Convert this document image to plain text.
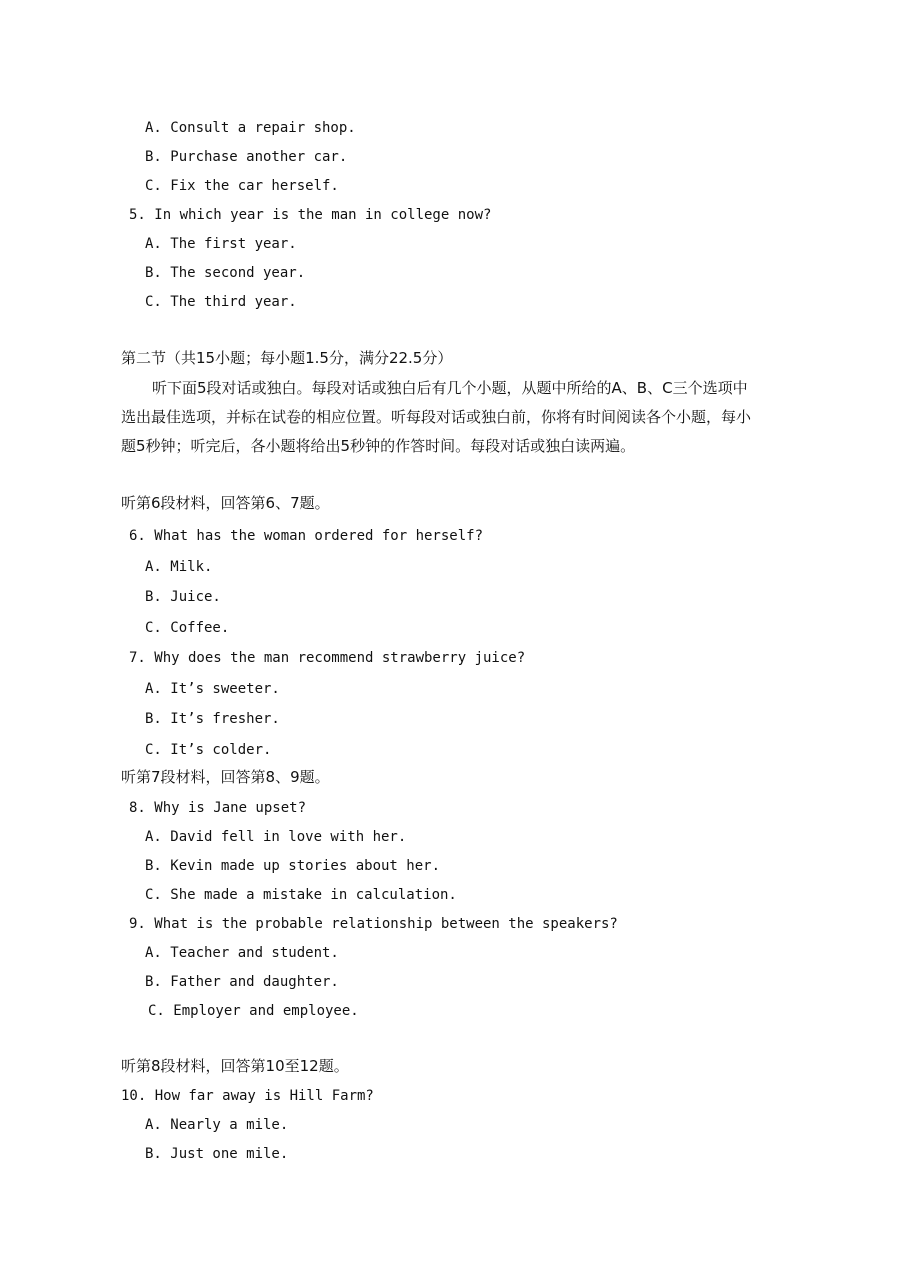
A. Consult a repair shop.
B. Purchase another car.
C. Fix the car herself.
5. In which year is the man in college now?
A. The first year.
B. The second year.
C. The third year.
第二节（共15小题；每小题1.5分，满分22.5分）
听下面5段对话或独白。每段对话或独白后有几个小题，从题中所给的A、B、C三个选项中
选出最佳选项，并标在试卷的相应位置。听每段对话或独白前，你将有时间阅读各个小题，每小
题5秒钟；听完后，各小题将给出5秒钟的作答时间。每段对话或独白读两遍。
听第6段材料，回答第6、7题。
6. What has the woman ordered for herself?
A. Milk.
B. Juice.
C. Coffee.
7. Why does the man recommend strawberry juice?
A. It’s sweeter.
B. It’s fresher.
C. It’s colder.
听第7段材料，回答第8、9题。
8. Why is Jane upset?
A. David fell in love with her.
B. Kevin made up stories about her.
C. She made a mistake in calculation.
9. What is the probable relationship between the speakers?
A. Teacher and student.
B. Father and daughter.
C. Employer and employee.
听第8段材料，回答第10至12题。
10. How far away is Hill Farm?
A. Nearly a mile.
B. Just one mile.
